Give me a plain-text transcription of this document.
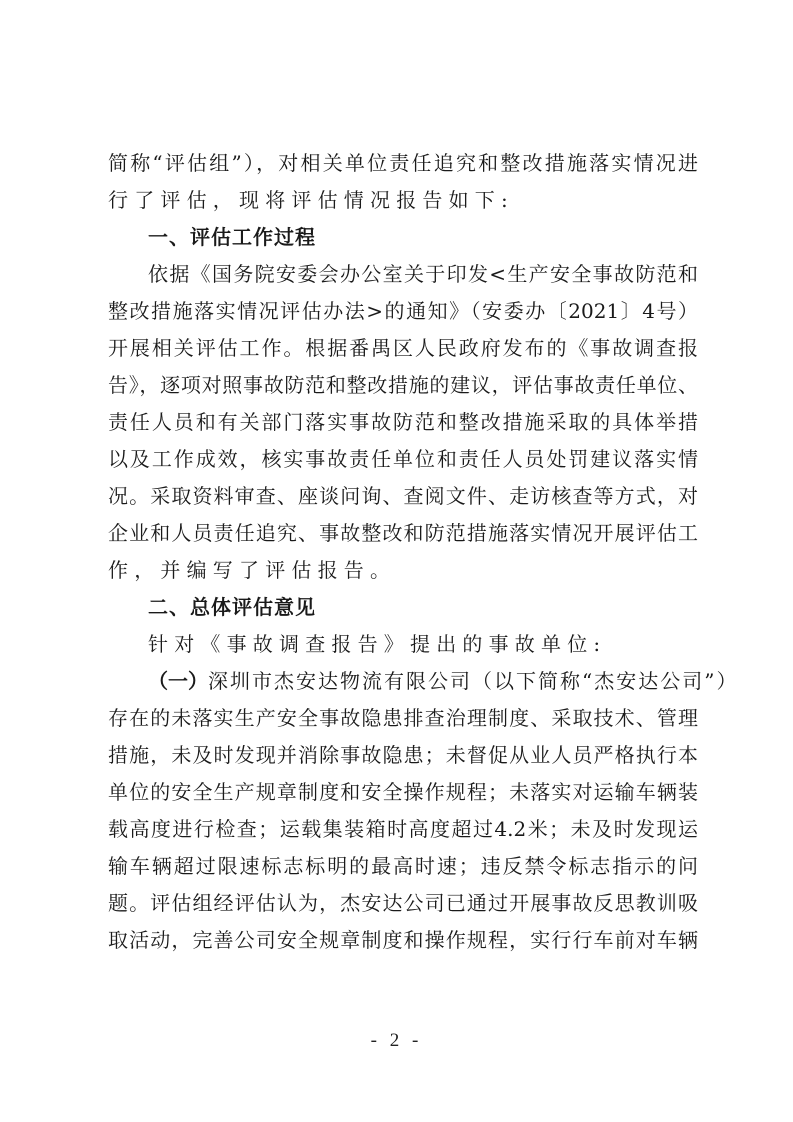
简称“评估组”），对相关单位责任追究和整改措施落实情况进
行了评估，现将评估情况报告如下:
一、评估工作过程
依据《国务院安委会办公室关于印发<生产安全事故防范和
整改措施落实情况评估办法>的通知》（安委办〔2021〕4号）
开展相关评估工作。根据番禺区人民政府发布的《事故调查报
告》，逐项对照事故防范和整改措施的建议，评估事故责任单位、
责任人员和有关部门落实事故防范和整改措施采取的具体举措
以及工作成效，核实事故责任单位和责任人员处罚建议落实情
况。采取资料审查、座谈问询、查阅文件、走访核查等方式，对
企业和人员责任追究、事故整改和防范措施落实情况开展评估工
作，并编写了评估报告。
二、总体评估意见
针对《事故调查报告》提出的事故单位:
（一）深圳市杰安达物流有限公司（以下简称“杰安达公司”）
存在的未落实生产安全事故隐患排查治理制度、采取技术、管理
措施，未及时发现并消除事故隐患；未督促从业人员严格执行本
单位的安全生产规章制度和安全操作规程；未落实对运输车辆装
载高度进行检查；运载集装箱时高度超过4.2米；未及时发现运
输车辆超过限速标志标明的最高时速；违反禁令标志指示的问
题。评估组经评估认为，杰安达公司已通过开展事故反思教训吸
取活动，完善公司安全规章制度和操作规程，实行行车前对车辆
- 2 -
